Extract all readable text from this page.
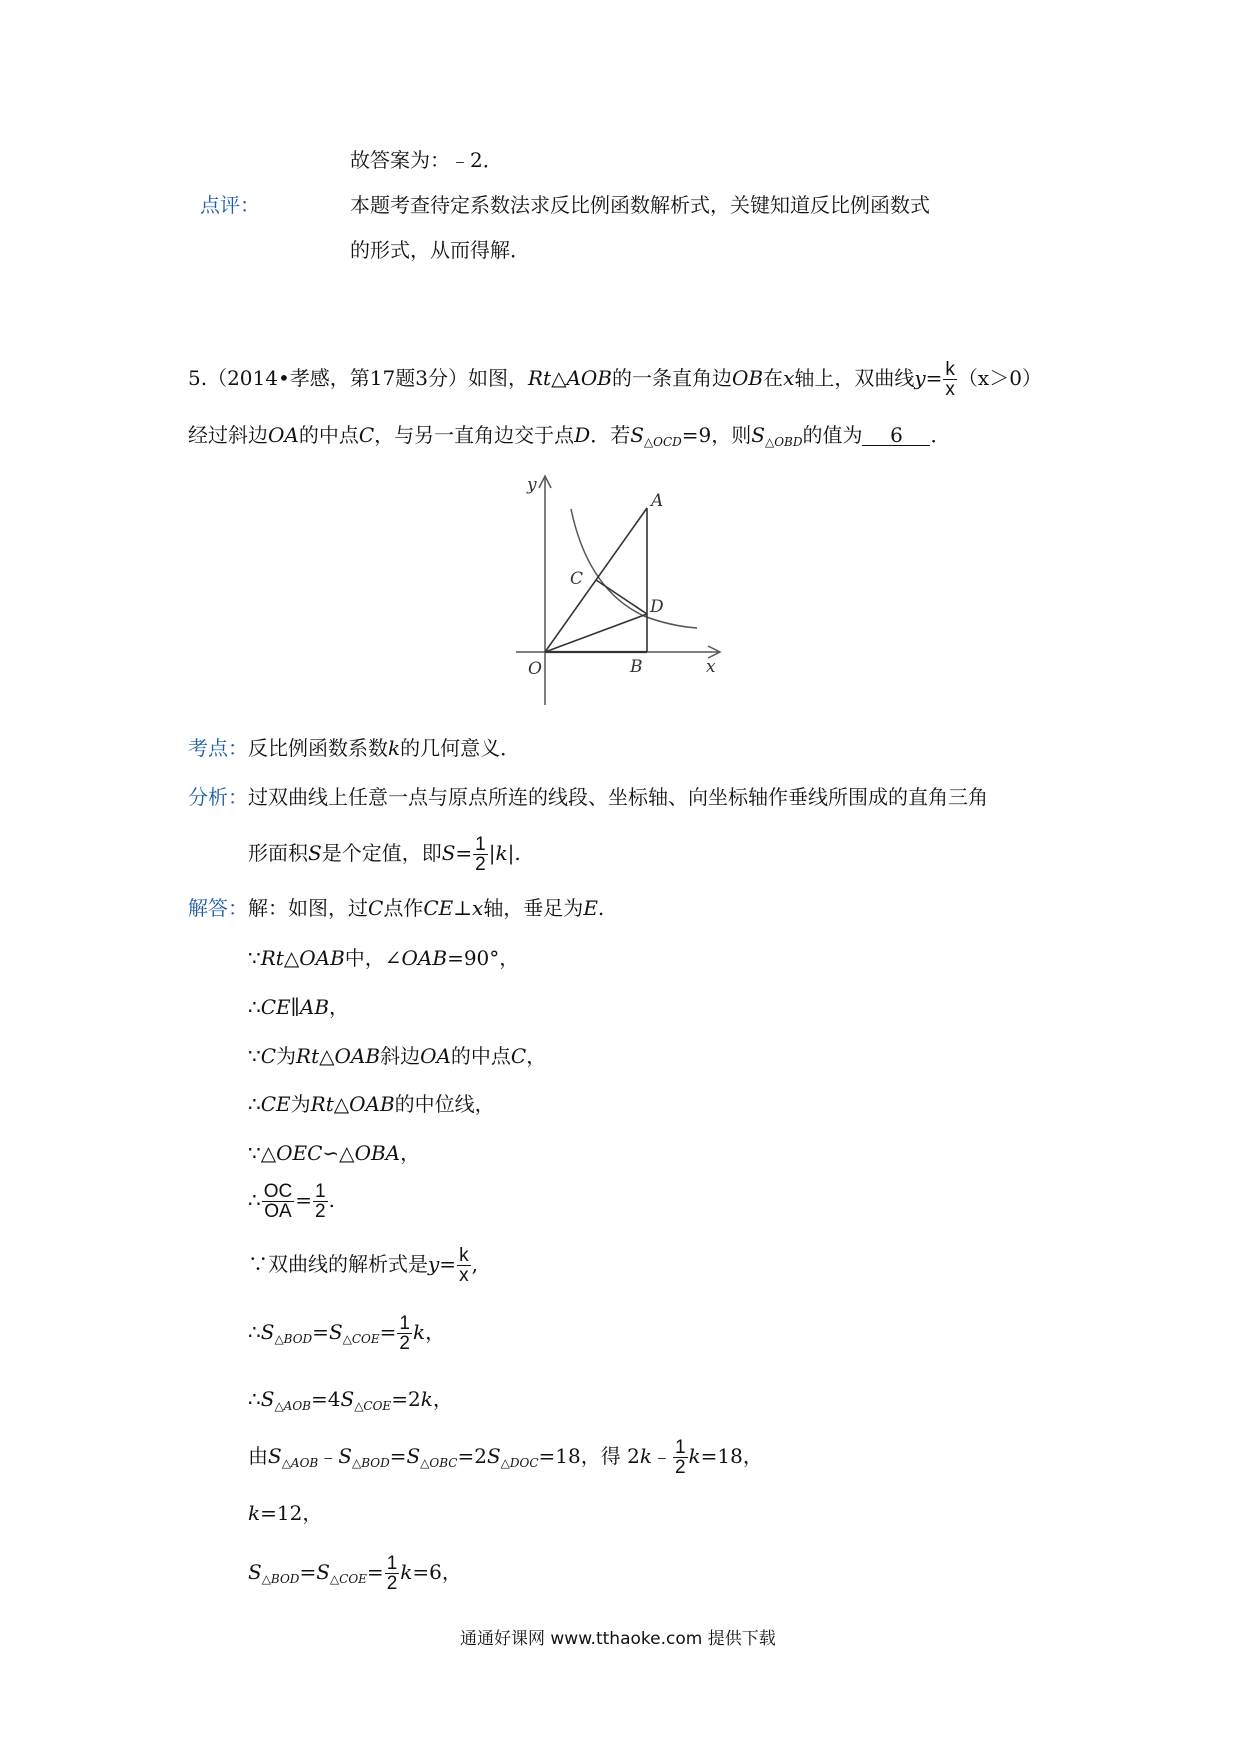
故答案为：﹣2．
点评：	本题考查待定系数法求反比例函数解析式，关键知道反比例函数式
的形式，从而得解．
5.（2014•孝感，第17题3分）如图，Rt△AOB的一条直角边OB在x轴上，双曲线$y= \frac{k}{x} (x>0)$
经过斜边OA的中点C，与另一直角边交于点D．若$S_{\triangle OCD}=9$，则$S_{\triangle OBD}$的值为 6 ．
y
A
C
D
O	B	x
考点：反比例函数系数k的几何意义．
分析：过双曲线上任意一点与原点所连的线段、坐标轴、向坐标轴作垂线所围成的直角三角
形面积S是个定值，即$S= \frac{1}{2} |k|$.
解答：解：如图，过C点作CE⊥x轴，垂足为E.
∵Rt△OAB中，∠OAB=90°，
∴CE∥AB，
∵C为Rt△OAB斜边OA的中点C，
∴CE为Rt△OAB的中位线，
∵△OEC∽△OBA，
∴ $\frac{OC}{OA} = \frac{1}{2}$ .
∵双曲线的解析式是$y= \frac{k}{x}$ ,
$\therefore S_{\triangle BOD}=S_{\triangle COE}= \frac{1}{2}$ k，
$\therefore S_{\triangle AOB}=4S_{\triangle COE}=2k$，
由$S_{\triangle AOB}﹣S_{\triangle BOD}=S_{\triangle OBC}=2S_{\triangle DOC}=18$，得 2k﹣ $\frac{1}{2} k=18$，
k=12，
$S_{\triangle BOD}=S_{\triangle COE}= \frac{1}{2} k=6$，
通通好课网 www.tthaoke.com 提供下载
